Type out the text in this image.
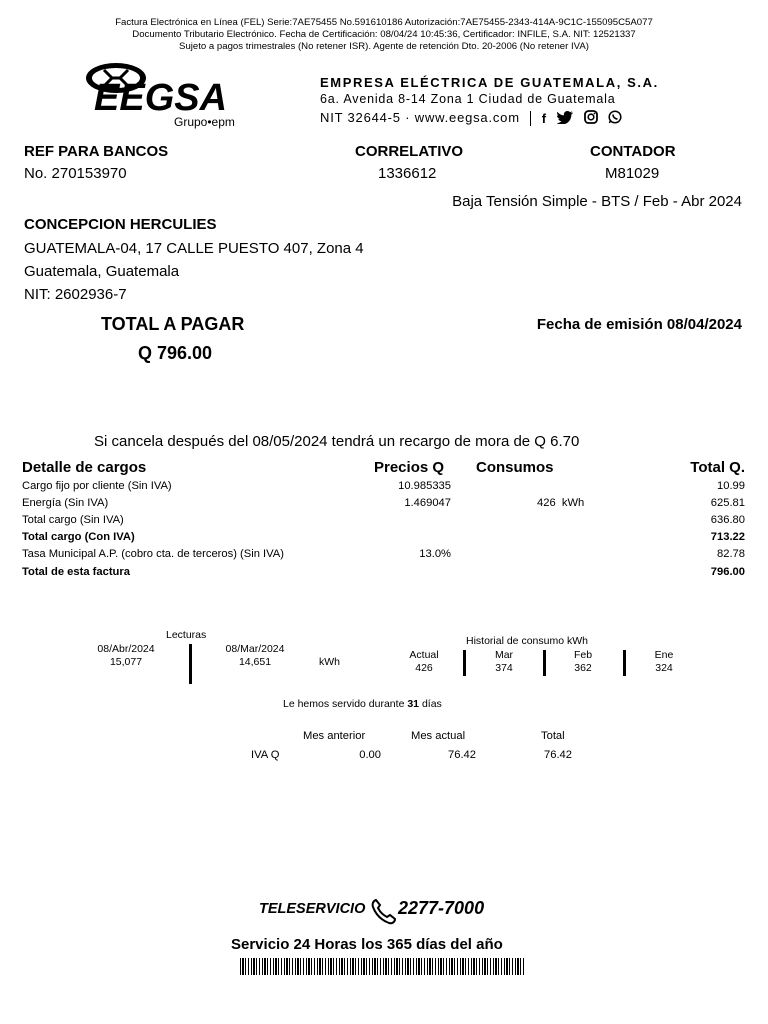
Factura Electrónica en Línea (FEL) Serie:7AE75455 No.591610186 Autorización:7AE75455-2343-414A-9C1C-155095C5A077
Documento Tributario Electrónico. Fecha de Certificación: 08/04/24 10:45:36, Certificador: INFILE, S.A. NIT: 12521337
Sujeto a pagos trimestrales (No retener ISR). Agente de retención Dto. 20-2006 (No retener IVA)
EEGSA
Grupo•epm
EMPRESA ELÉCTRICA DE GUATEMALA, S.A.
6a. Avenida 8-14 Zona 1 Ciudad de Guatemala
NIT 32644-5 · www.eegsa.com f
REF PARA BANCOS
No. 270153970
CORRELATIVO
1336612
CONTADOR
M81029
Baja Tensión Simple - BTS / Feb - Abr 2024
CONCEPCION HERCULIES
GUATEMALA-04, 17 CALLE PUESTO 407, Zona 4
Guatemala, Guatemala
NIT: 2602936-7
TOTAL A PAGAR
Q 796.00
Fecha de emisión 08/04/2024
Si cancela después del 08/05/2024 tendrá un recargo de mora de Q 6.70
Detalle de cargos	Precios Q Consumos	Total Q.
Cargo fijo por cliente (Sin IVA)	10.985335	10.99
Energía (Sin IVA)	1.469047	426  kWh	625.81
Total cargo (Sin IVA)	636.80
Total cargo (Con IVA)	713.22
Tasa Municipal A.P. (cobro cta. de terceros) (Sin IVA)	13.0%	82.78
Total de esta factura	796.00
Lecturas
08/Abr/2024
15,077
08/Mar/2024
14,651	kWh
Historial de consumo kWh
Actual
426
Mar
374
Feb
362
Ene
324
Le hemos servido durante 31 días
Mes anterior	Mes actual	Total
IVA Q	0.00	76.42	76.42
TELESERVICIO 2277-7000
Servicio 24 Horas los 365 días del año
